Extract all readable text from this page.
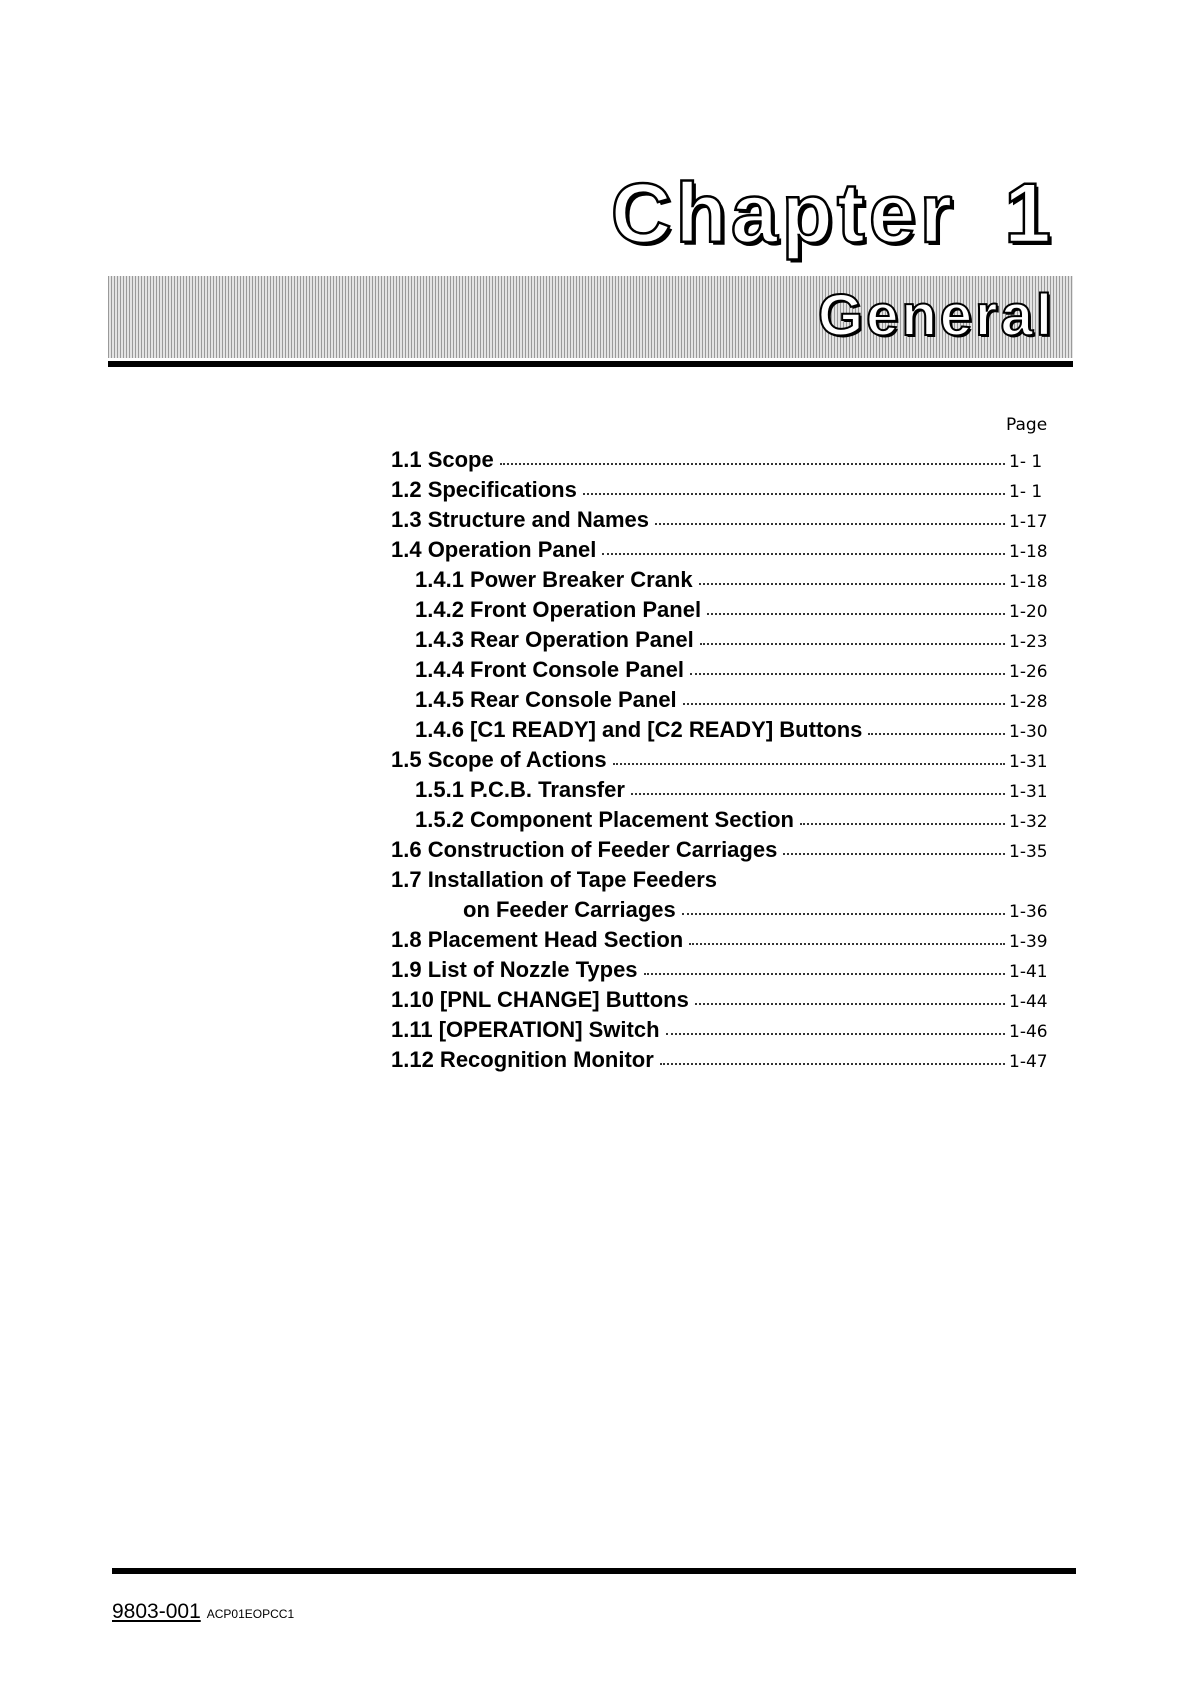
Chapter 1
General
Page
1.1 Scope	1- 1
1.2 Specifications	1- 1
1.3 Structure and Names	1-17
1.4 Operation Panel	1-18
1.4.1 Power Breaker Crank	1-18
1.4.2 Front Operation Panel	1-20
1.4.3 Rear Operation Panel	1-23
1.4.4 Front Console Panel	1-26
1.4.5 Rear Console Panel	1-28
1.4.6 [C1 READY] and [C2 READY] Buttons	1-30
1.5 Scope of Actions	1-31
1.5.1 P.C.B. Transfer	1-31
1.5.2 Component Placement Section	1-32
1.6 Construction of Feeder Carriages	1-35
1.7 Installation of Tape Feeders
on Feeder Carriages	1-36
1.8 Placement Head Section	1-39
1.9 List of Nozzle Types	1-41
1.10 [PNL CHANGE] Buttons	1-44
1.11 [OPERATION] Switch	1-46
1.12 Recognition Monitor	1-47
9803-001 ACP01EOPCC1
